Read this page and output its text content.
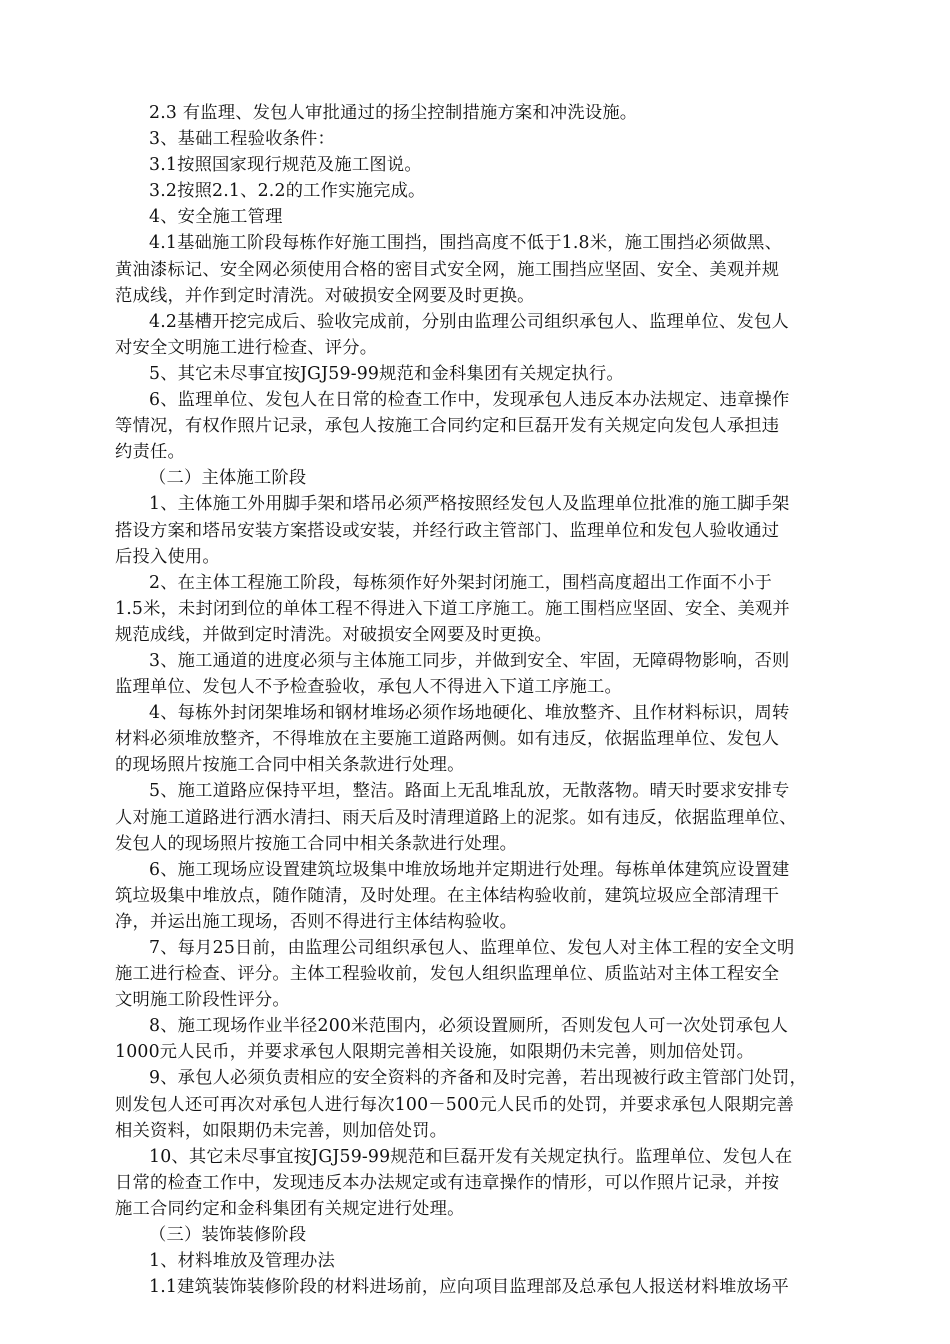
2.3 有监理、发包人审批通过的扬尘控制措施方案和冲洗设施。
3、基础工程验收条件：
3.1按照国家现行规范及施工图说。
3.2按照2.1、2.2的工作实施完成。
4、安全施工管理
4.1基础施工阶段每栋作好施工围挡，围挡高度不低于1.8米，施工围挡必须做黑、
黄油漆标记、安全网必须使用合格的密目式安全网，施工围挡应坚固、安全、美观并规
范成线，并作到定时清洗。对破损安全网要及时更换。
4.2基槽开挖完成后、验收完成前，分别由监理公司组织承包人、监理单位、发包人
对安全文明施工进行检查、评分。
5、其它未尽事宜按JGJ59-99规范和金科集团有关规定执行。
6、监理单位、发包人在日常的检查工作中，发现承包人违反本办法规定、违章操作
等情况，有权作照片记录，承包人按施工合同约定和巨磊开发有关规定向发包人承担违
约责任。
（二）主体施工阶段
1、主体施工外用脚手架和塔吊必须严格按照经发包人及监理单位批准的施工脚手架
搭设方案和塔吊安装方案搭设或安装，并经行政主管部门、监理单位和发包人验收通过
后投入使用。
2、在主体工程施工阶段，每栋须作好外架封闭施工，围档高度超出工作面不小于
1.5米，未封闭到位的单体工程不得进入下道工序施工。施工围档应坚固、安全、美观并
规范成线，并做到定时清洗。对破损安全网要及时更换。
3、施工通道的进度必须与主体施工同步，并做到安全、牢固，无障碍物影响，否则
监理单位、发包人不予检查验收，承包人不得进入下道工序施工。
4、每栋外封闭架堆场和钢材堆场必须作场地硬化、堆放整齐、且作材料标识，周转
材料必须堆放整齐，不得堆放在主要施工道路两侧。如有违反，依据监理单位、发包人
的现场照片按施工合同中相关条款进行处理。
5、施工道路应保持平坦，整洁。路面上无乱堆乱放，无散落物。晴天时要求安排专
人对施工道路进行洒水清扫、雨天后及时清理道路上的泥浆。如有违反，依据监理单位、
发包人的现场照片按施工合同中相关条款进行处理。
6、施工现场应设置建筑垃圾集中堆放场地并定期进行处理。每栋单体建筑应设置建
筑垃圾集中堆放点，随作随清，及时处理。在主体结构验收前，建筑垃圾应全部清理干
净，并运出施工现场，否则不得进行主体结构验收。
7、每月25日前，由监理公司组织承包人、监理单位、发包人对主体工程的安全文明
施工进行检查、评分。主体工程验收前，发包人组织监理单位、质监站对主体工程安全
文明施工阶段性评分。
8、施工现场作业半径200米范围内，必须设置厕所，否则发包人可一次处罚承包人
1000元人民币，并要求承包人限期完善相关设施，如限期仍未完善，则加倍处罚。
9、承包人必须负责相应的安全资料的齐备和及时完善，若出现被行政主管部门处罚，
则发包人还可再次对承包人进行每次100－500元人民币的处罚，并要求承包人限期完善
相关资料，如限期仍未完善，则加倍处罚。
10、其它未尽事宜按JGJ59-99规范和巨磊开发有关规定执行。监理单位、发包人在
日常的检查工作中，发现违反本办法规定或有违章操作的情形，可以作照片记录，并按
施工合同约定和金科集团有关规定进行处理。
（三）装饰装修阶段
1、材料堆放及管理办法
1.1建筑装饰装修阶段的材料进场前，应向项目监理部及总承包人报送材料堆放场平
